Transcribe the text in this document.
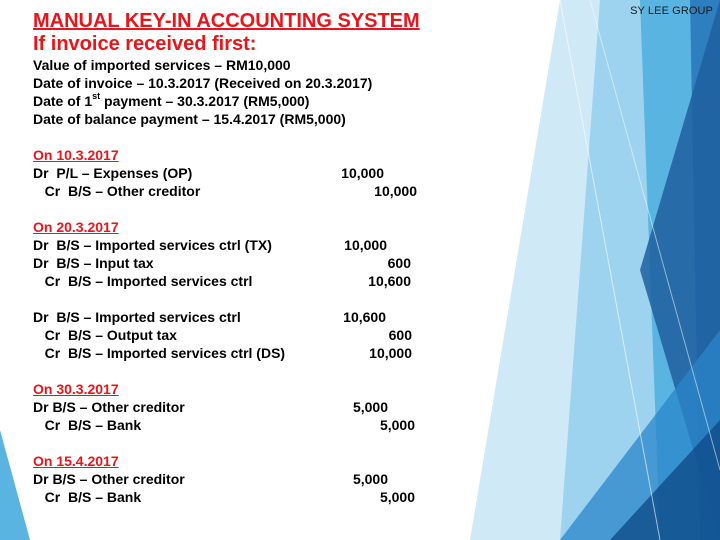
SY LEE GROUP
MANUAL KEY-IN ACCOUNTING SYSTEM
If invoice received first:
Value of imported services – RM10,000
Date of invoice – 10.3.2017 (Received on 20.3.2017)
Date of 1st payment – 30.3.2017 (RM5,000)
Date of balance payment – 15.4.2017 (RM5,000)
On 10.3.2017
Dr  P/L – Expenses (OP)	10,000
Cr  B/S – Other creditor	10,000
On 20.3.2017
Dr  B/S – Imported services ctrl (TX)	10,000
Dr  B/S – Input tax	600
Cr  B/S – Imported services ctrl	10,600
Dr  B/S – Imported services ctrl	10,600
Cr  B/S – Output tax	600
Cr  B/S – Imported services ctrl (DS)	10,000
On 30.3.2017
Dr B/S – Other creditor	5,000
Cr  B/S – Bank	5,000
On 15.4.2017
Dr B/S – Other creditor	5,000
Cr  B/S – Bank	5,000
